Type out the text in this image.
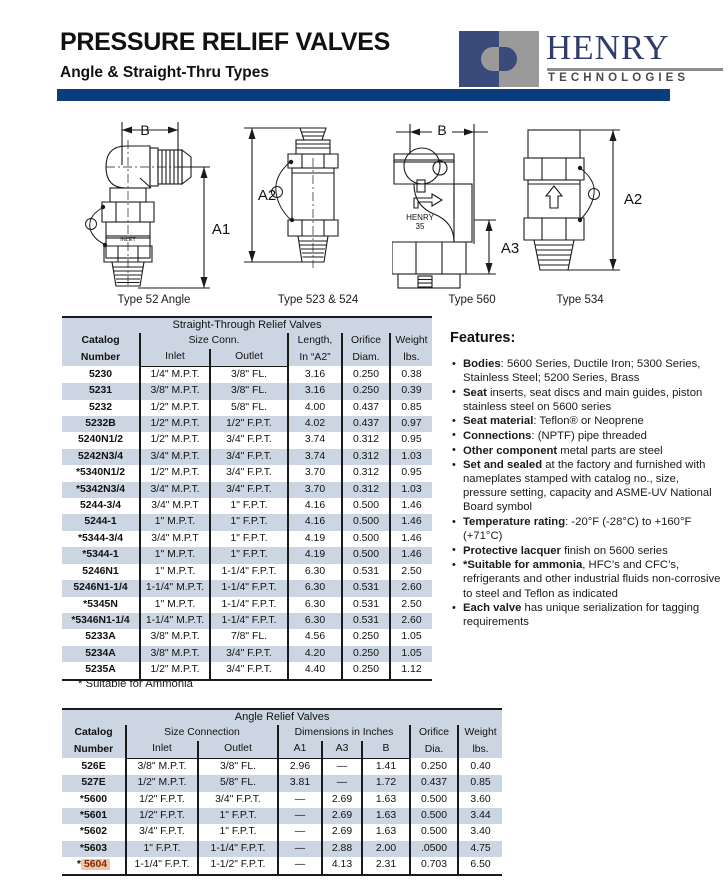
PRESSURE RELIEF VALVES
Angle & Straight-Thru Types
HENRY
TECHNOLOGIES
B
A1
INLET
Type 52 Angle
A2
Type 523 & 524
B
A3
HENRY
35
Type 560
A2
Type 534
Straight-Through Relief Valves					
Catalog
Number	Size Conn.		Length,
In “A2”	Orifice
Diam.	Weight
lbs.
	Inlet	Outlet			
5230	1/4" M.P.T.	3/8" FL.	3.16	0.250	0.38
5231	3/8" M.P.T.	3/8" FL.	3.16	0.250	0.39
5232	1/2" M.P.T.	5/8" FL.	4.00	0.437	0.85
5232B	1/2" M.P.T.	1/2" F.P.T.	4.02	0.437	0.97
5240N1/2	1/2" M.P.T.	3/4" F.P.T.	3.74	0.312	0.95
5242N3/4	3/4" M.P.T.	3/4" F.P.T.	3.74	0.312	1.03
*5340N1/2	1/2" M.P.T.	3/4" F.P.T.	3.70	0.312	0.95
*5342N3/4	3/4" M.P.T.	3/4" F.P.T.	3.70	0.312	1.03
5244-3/4	3/4" M.P.T	1" F.P.T.	4.16	0.500	1.46
5244-1	1" M.P.T.	1" F.P.T.	4.16	0.500	1.46
*5344-3/4	3/4" M.P.T	1" F.P.T.	4.19	0.500	1.46
*5344-1	1" M.P.T.	1" F.P.T.	4.19	0.500	1.46
5246N1	1" M.P.T.	1-1/4" F.P.T.	6.30	0.531	2.50
5246N1-1/4	1-1/4" M.P.T.	1-1/4" F.P.T.	6.30	0.531	2.60
*5345N	1" M.P.T.	1-1/4" F.P.T.	6.30	0.531	2.50
*5346N1-1/4	1-1/4" M.P.T.	1-1/4" F.P.T.	6.30	0.531	2.60
5233A	3/8" M.P.T.	7/8" FL.	4.56	0.250	1.05
5234A	3/8" M.P.T.	3/4" F.P.T.	4.20	0.250	1.05
5235A	1/2" M.P.T.	3/4" F.P.T.	4.40	0.250	1.12
* Suitable for Ammonia
Features:
• Bodies: 5600 Series, Ductile Iron; 5300 Series, Stainless Steel; 5200 Series, Brass
• Seat inserts, seat discs and main guides, piston stainless steel on 5600 series
• Seat material: Teflon® or Neoprene
• Connections: (NPTF) pipe threaded
• Other component metal parts are steel
• Set and sealed at the factory and furnished with nameplates stamped with catalog no., size, pressure setting, capacity and ASME-UV National Board symbol
• Temperature rating: -20°F (-28°C) to +160°F (+71°C)
• Protective lacquer finish on 5600 series
• *Suitable for ammonia, HFC’s and CFC’s, refrigerants and other industrial fluids non-corrosive to steel and Teflon as indicated
• Each valve has unique serialization for tagging requirements
Angle Relief Valves							
Catalog
Number	Size Connection		Dimensions in Inches			Orifice
Dia.	Weight
lbs.
	Inlet	Outlet	A1	A3	B		
526E	3/8" M.P.T.	3/8" FL.	2.96	—	1.41	0.250	0.40
527E	1/2" M.P.T.	5/8" FL.	3.81	—	1.72	0.437	0.85
*5600	1/2" F.P.T.	3/4" F.P.T.	—	2.69	1.63	0.500	3.60
*5601	1/2" F.P.T.	1" F.P.T.	—	2.69	1.63	0.500	3.44
*5602	3/4" F.P.T.	1" F.P.T.	—	2.69	1.63	0.500	3.40
*5603	1" F.P.T.	1-1/4" F.P.T.	—	2.88	2.00	.0500	4.75
* 5604	1-1/4" F.P.T.	1-1/2" F.P.T.	—	4.13	2.31	0.703	6.50
